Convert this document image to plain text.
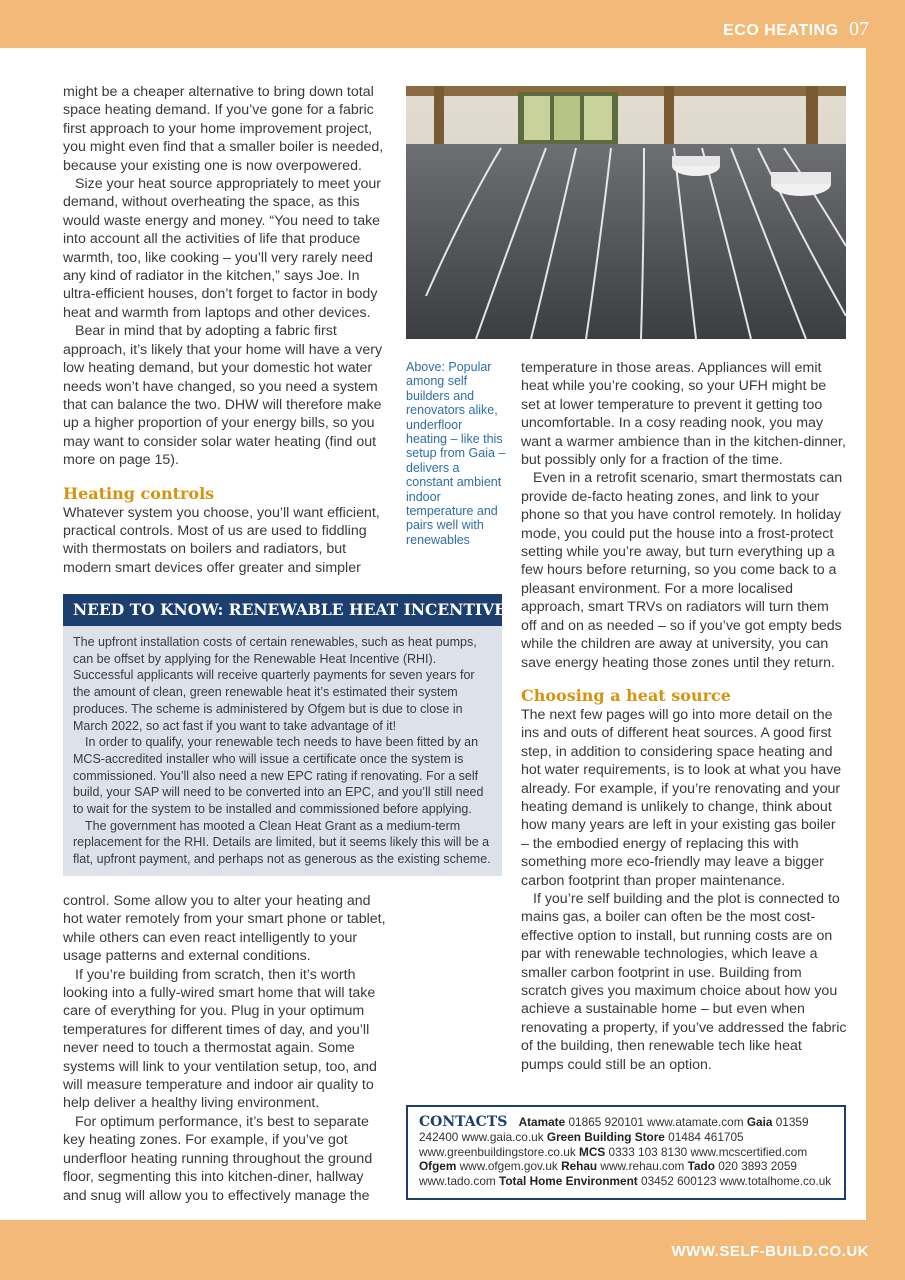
ECO HEATING 07

might be a cheaper alternative to bring down total space heating demand. If you’ve gone for a fabric first approach to your home improvement project, you might even find that a smaller boiler is needed, because your existing one is now overpowered.

Size your heat source appropriately to meet your demand, without overheating the space, as this would waste energy and money. “You need to take into account all the activities of life that produce warmth, too, like cooking – you’ll very rarely need any kind of radiator in the kitchen,” says Joe. In ultra-efficient houses, don’t forget to factor in body heat and warmth from laptops and other devices.

Bear in mind that by adopting a fabric first approach, it’s likely that your home will have a very low heating demand, but your domestic hot water needs won’t have changed, so you need a system that can balance the two. DHW will therefore make up a higher proportion of your energy bills, so you may want to consider solar water heating (find out more on page 15).

Heating controls

Whatever system you choose, you’ll want efficient, practical controls. Most of us are used to fiddling with thermostats on boilers and radiators, but modern smart devices offer greater and simpler

Above: Popular among self builders and renovators alike, underfloor heating – like this setup from Gaia – delivers a constant ambient indoor temperature and pairs well with renewables

temperature in those areas. Appliances will emit heat while you’re cooking, so your UFH might be set at lower temperature to prevent it getting too uncomfortable. In a cosy reading nook, you may want a warmer ambience than in the kitchen-dinner, but possibly only for a fraction of the time.

Even in a retrofit scenario, smart thermostats can provide de-facto heating zones, and link to your phone so that you have control remotely. In holiday mode, you could put the house into a frost-protect setting while you’re away, but turn everything up a few hours before returning, so you come back to a pleasant environment. For a more localised approach, smart TRVs on radiators will turn them off and on as needed – so if you’ve got empty beds while the children are away at university, you can save energy heating those zones until they return.

Choosing a heat source

The next few pages will go into more detail on the ins and outs of different heat sources. A good first step, in addition to considering space heating and hot water requirements, is to look at what you have already. For example, if you’re renovating and your heating demand is unlikely to change, think about how many years are left in your existing gas boiler – the embodied energy of replacing this with something more eco-friendly may leave a bigger carbon footprint than proper maintenance.

If you’re self building and the plot is connected to mains gas, a boiler can often be the most cost-effective option to install, but running costs are on par with renewable technologies, which leave a smaller carbon footprint in use. Building from scratch gives you maximum choice about how you achieve a sustainable home – but even when renovating a property, if you’ve addressed the fabric of the building, then renewable tech like heat pumps could still be an option.

NEED TO KNOW: RENEWABLE HEAT INCENTIVE

The upfront installation costs of certain renewables, such as heat pumps, can be offset by applying for the Renewable Heat Incentive (RHI). Successful applicants will receive quarterly payments for seven years for the amount of clean, green renewable heat it’s estimated their system produces. The scheme is administered by Ofgem but is due to close in March 2022, so act fast if you want to take advantage of it!

In order to qualify, your renewable tech needs to have been fitted by an MCS-accredited installer who will issue a certificate once the system is commissioned. You’ll also need a new EPC rating if renovating. For a self build, your SAP will need to be converted into an EPC, and you’ll still need to wait for the system to be installed and commissioned before applying.

The government has mooted a Clean Heat Grant as a medium-term replacement for the RHI. Details are limited, but it seems likely this will be a flat, upfront payment, and perhaps not as generous as the existing scheme.

control. Some allow you to alter your heating and hot water remotely from your smart phone or tablet, while others can even react intelligently to your usage patterns and external conditions.

If you’re building from scratch, then it’s worth looking into a fully-wired smart home that will take care of everything for you. Plug in your optimum temperatures for different times of day, and you’ll never need to touch a thermostat again. Some systems will link to your ventilation setup, too, and will measure temperature and indoor air quality to help deliver a healthy living environment.

For optimum performance, it’s best to separate key heating zones. For example, if you’ve got underfloor heating running throughout the ground floor, segmenting this into kitchen-diner, hallway and snug will allow you to effectively manage the

CONTACTS Atamate 01865 920101 www.atamate.com Gaia 01359 242400 www.gaia.co.uk Green Building Store 01484 461705 www.greenbuildingstore.co.uk MCS 0333 103 8130 www.mcscertified.com Ofgem www.ofgem.gov.uk Rehau www.rehau.com Tado 020 3893 2059 www.tado.com Total Home Environment 03452 600123 www.totalhome.co.uk
WWW.SELF-BUILD.CO.UK
